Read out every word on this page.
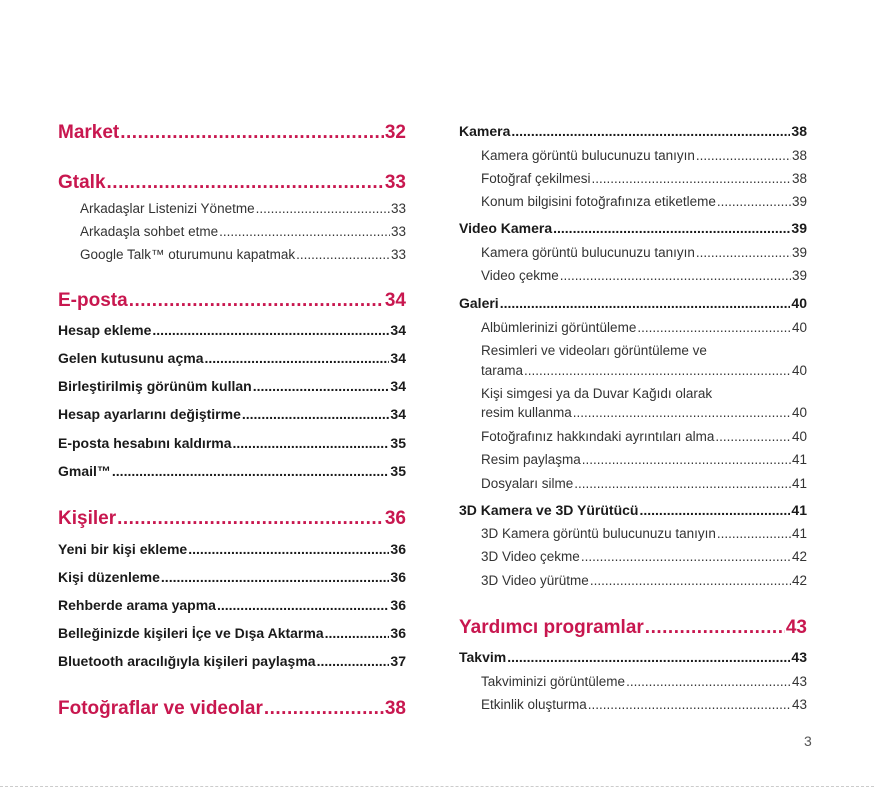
Market .....	32
Gtalk .....	33
Arkadaşlar Listenizi Yönetme .....	33
Arkadaşla sohbet etme .....	33
Google Talk™ oturumunu kapatmak .....	33
E-posta .....	34
Hesap ekleme .....	34
Gelen kutusunu açma .....	34
Birleştirilmiş görünüm kullan .....	34
Hesap ayarlarını değiştirme .....	34
E-posta hesabını kaldırma .....	35
Gmail™ .....	35
Kişiler .....	36
Yeni bir kişi ekleme .....	36
Kişi düzenleme .....	36
Rehberde arama yapma .....	36
Belleğinizde kişileri İçe ve Dışa Aktarma .....	36
Bluetooth aracılığıyla kişileri paylaşma .....	37
Fotoğraflar ve videolar .....	38
Kamera .....	38
Kamera görüntü bulucunuzu tanıyın .....	38
Fotoğraf çekilmesi .....	38
Konum bilgisini fotoğrafınıza etiketleme .....	39
Video Kamera .....	39
Kamera görüntü bulucunuzu tanıyın .....	39
Video çekme .....	39
Galeri .....	40
Albümlerinizi görüntüleme .....	40
Resimleri ve videoları görüntüleme ve
tarama .....	40
Kişi simgesi ya da Duvar Kağıdı olarak
resim kullanma .....	40
Fotoğrafınız hakkındaki ayrıntıları alma .....	40
Resim paylaşma .....	41
Dosyaları silme .....	41
3D Kamera ve 3D Yürütücü .....	41
3D Kamera görüntü bulucunuzu tanıyın .....	41
3D Video çekme .....	42
3D Video yürütme .....	42
Yardımcı programlar .....	43
Takvim .....	43
Takviminizi görüntüleme .....	43
Etkinlik oluşturma .....	43
3
